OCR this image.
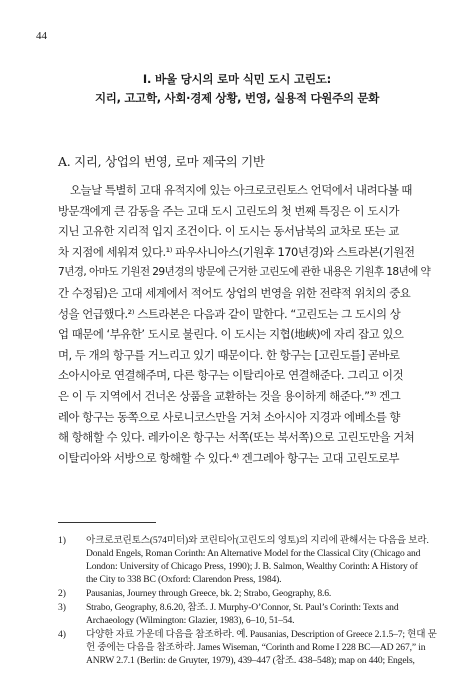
44
I. 바울 당시의 로마 식민 도시 고린도:
지리, 고고학, 사회·경제 상황, 번영, 실용적 다원주의 문화
A. 지리, 상업의 번영, 로마 제국의 기반
오늘날 특별히 고대 유적지에 있는 아크로코린토스 언덕에서 내려다볼 때
방문객에게 큰 감동을 주는 고대 도시 고린도의 첫 번째 특징은 이 도시가
지닌 고유한 지리적 입지 조건이다. 이 도시는 동서남북의 교차로 또는 교
차 지점에 세워져 있다.¹⁾ 파우사니아스(기원후 170년경)와 스트라본(기원전
7년경, 아마도 기원전 29년경의 방문에 근거한 고린도에 관한 내용은 기원후 18년에 약
간 수정됨)은 고대 세계에서 적어도 상업의 번영을 위한 전략적 위치의 중요
성을 언급했다.²⁾ 스트라본은 다음과 같이 말한다. “고린도는 그 도시의 상
업 때문에 ‘부유한’ 도시로 불린다. 이 도시는 지협(地峽)에 자리 잡고 있으
며, 두 개의 항구를 거느리고 있기 때문이다. 한 항구는 [고린도를] 곧바로
소아시아로 연결해주며, 다른 항구는 이탈리아로 연결해준다. 그리고 이것
은 이 두 지역에서 건너온 상품을 교환하는 것을 용이하게 해준다.”³⁾ 겐그
레아 항구는 동쪽으로 사로니코스만을 거쳐 소아시아 지경과 에베소를 향
해 항해할 수 있다. 레카이온 항구는 서쪽(또는 북서쪽)으로 고린도만을 거쳐
이탈리아와 서방으로 항해할 수 있다.⁴⁾ 겐그레아 항구는 고대 고린도로부
1) 아크로코린토스(574미터)와 코린티아(고린도의 영토)의 지리에 관해서는 다음을 보라.
Donald Engels, Roman Corinth: An Alternative Model for the Classical City (Chicago and
London: University of Chicago Press, 1990); J. B. Salmon, Wealthy Corinth: A History of
the City to 338 BC (Oxford: Clarendon Press, 1984).
2) Pausanias, Journey through Greece, bk. 2; Strabo, Geography, 8.6.
3) Strabo, Geography, 8.6.20, 참조. J. Murphy-O’Connor, St. Paul’s Corinth: Texts and
Archaeology (Wilmington: Glazier, 1983), 6–10, 51–54.
4) 다양한 자료 가운데 다음을 참조하라. 예. Pausanias, Description of Greece 2.1.5–7; 현대 문
헌 중에는 다음을 참조하라. James Wiseman, “Corinth and Rome I 228 BC—AD 267,” in
ANRW 2.7.1 (Berlin: de Gruyter, 1979), 439–447 (참조. 438–548); map on 440; Engels,
